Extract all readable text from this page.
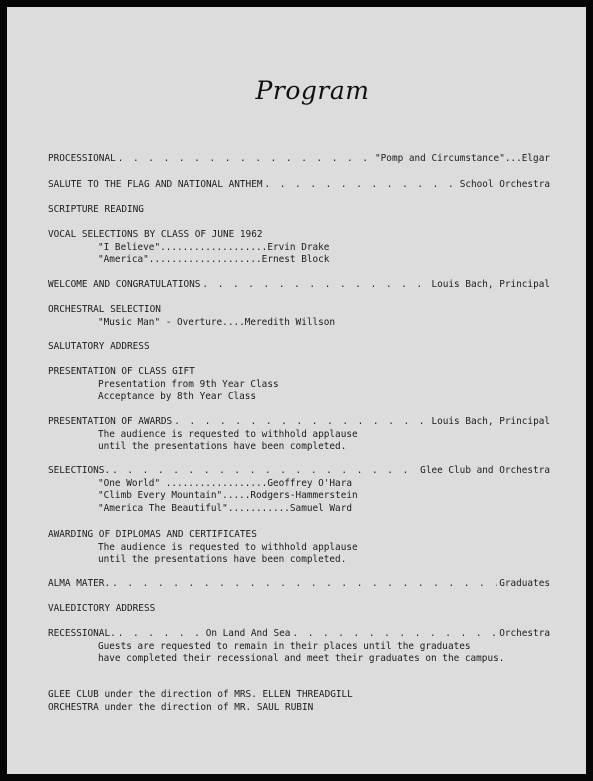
Program
PROCESSIONAL . . .	"Pomp and Circumstance"...Elgar
SALUTE TO THE FLAG AND NATIONAL ANTHEM . . .	School Orchestra
SCRIPTURE READING
VOCAL SELECTIONS BY CLASS OF JUNE 1962
"I Believe"...................Ervin Drake
"America"....................Ernest Block
WELCOME AND CONGRATULATIONS . . .	Louis Bach, Principal
ORCHESTRAL SELECTION
"Music Man" - Overture....Meredith Willson
SALUTATORY ADDRESS
PRESENTATION OF CLASS GIFT
Presentation from 9th Year Class
Acceptance by 8th Year Class
PRESENTATION OF AWARDS . . .	Louis Bach, Principal
The audience is requested to withhold applause
until the presentations have been completed.
SELECTIONS. . . .	Glee Club and Orchestra
"One World" ..................Geoffrey O'Hara
"Climb Every Mountain".....Rodgers-Hammerstein
"America The Beautiful"...........Samuel Ward
AWARDING OF DIPLOMAS AND CERTIFICATES
The audience is requested to withhold applause
until the presentations have been completed.
ALMA MATER. . . .	Graduates
VALEDICTORY ADDRESS
RECESSIONAL. . . .	On Land And Sea . . .	Orchestra
Guests are requested to remain in their places until the graduates
have completed their recessional and meet their graduates on the campus.
GLEE CLUB under the direction of MRS. ELLEN THREADGILL
ORCHESTRA under the direction of MR. SAUL RUBIN
